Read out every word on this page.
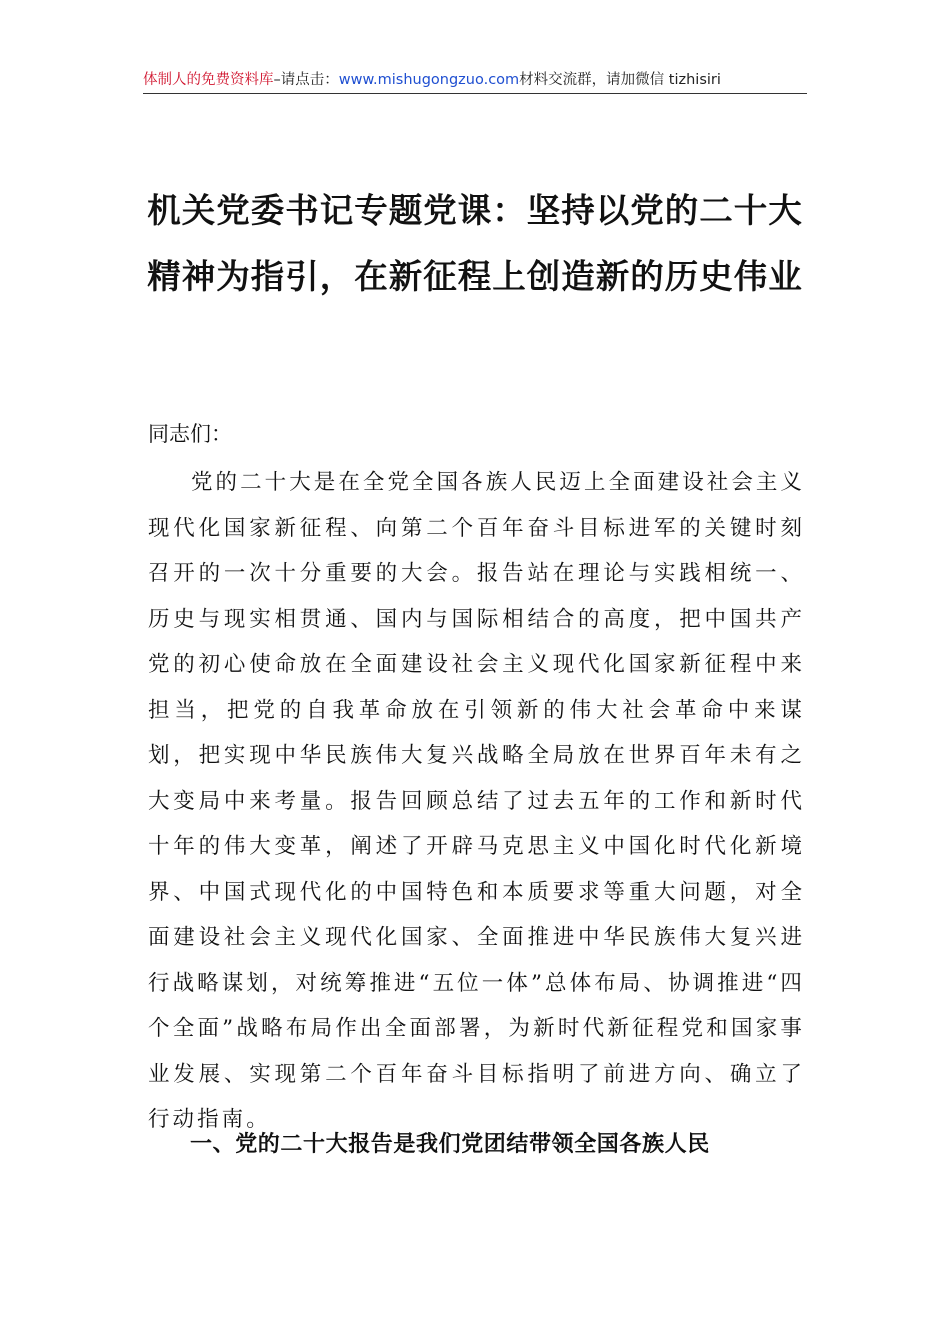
体制人的免费资料库–请点击：www.mishugongzuo.com材料交流群，请加微信 tizhisiri
机关党委书记专题党课：坚持以党的二十大精神为指引，在新征程上创造新的历史伟业

同志们：

党的二十大是在全党全国各族人民迈上全面建设社会主义现代化国家新征程、向第二个百年奋斗目标进军的关键时刻召开的一次十分重要的大会。报告站在理论与实践相统一、历史与现实相贯通、国内与国际相结合的高度，把中国共产党的初心使命放在全面建设社会主义现代化国家新征程中来担当，把党的自我革命放在引领新的伟大社会革命中来谋划，把实现中华民族伟大复兴战略全局放在世界百年未有之大变局中来考量。报告回顾总结了过去五年的工作和新时代十年的伟大变革，阐述了开辟马克思主义中国化时代化新境界、中国式现代化的中国特色和本质要求等重大问题，对全面建设社会主义现代化国家、全面推进中华民族伟大复兴进行战略谋划，对统筹推进“五位一体”总体布局、协调推进“四个全面”战略布局作出全面部署，为新时代新征程党和国家事业发展、实现第二个百年奋斗目标指明了前进方向、确立了行动指南。

一、党的二十大报告是我们党团结带领全国各族人民
